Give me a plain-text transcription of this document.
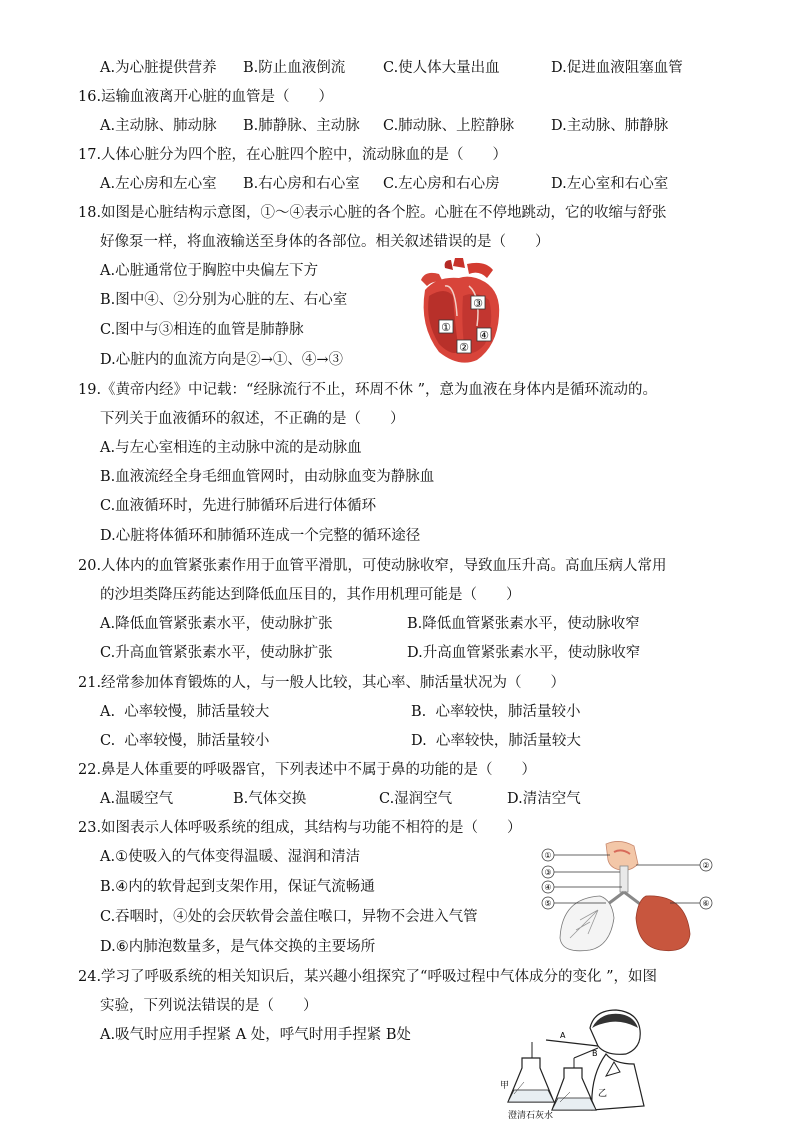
A.为心脏提供营养 B.防止血液倒流	C.使人体大量出血	D.促进血液阻塞血管
16.运输血液离开心脏的血管是（　　）
A.主动脉、肺动脉 B.肺静脉、主动脉 C.肺动脉、上腔静脉	D.主动脉、肺静脉
17.人体心脏分为四个腔，在心脏四个腔中，流动脉血的是（　　）
A.左心房和左心室 B.右心房和右心室 C.左心房和右心房	D.左心室和右心室
18.如图是心脏结构示意图，①～④表示心脏的各个腔。心脏在不停地跳动，它的收缩与舒张
好像泵一样，将血液输送至身体的各部位。相关叙述错误的是（　　）
A.心脏通常位于胸腔中央偏左下方
B.图中④、②分别为心脏的左、右心室
C.图中与③相连的血管是肺静脉
D.心脏内的血流方向是②→①、④→③
③
①
④
②
19.《黄帝内经》中记载：“经脉流行不止，环周不休 ”，意为血液在身体内是循环流动的。
下列关于血液循环的叙述，不正确的是（　　）
A.与左心室相连的主动脉中流的是动脉血
B.血液流经全身毛细血管网时，由动脉血变为静脉血
C.血液循环时，先进行肺循环后进行体循环
D.心脏将体循环和肺循环连成一个完整的循环途径
20.人体内的血管紧张素作用于血管平滑肌，可使动脉收窄，导致血压升高。高血压病人常用
的沙坦类降压药能达到降低血压目的，其作用机理可能是（　　）
A.降低血管紧张素水平，使动脉扩张	B.降低血管紧张素水平，使动脉收窄
C.升高血管紧张素水平，使动脉扩张	D.升高血管紧张素水平，使动脉收窄
21.经常参加体育锻炼的人，与一般人比较，其心率、肺活量状况为（　　）
A.  心率较慢，肺活量较大	B.  心率较快，肺活量较小
C.  心率较慢，肺活量较小	D.  心率较快，肺活量较大
22.鼻是人体重要的呼吸器官，下列表述中不属于鼻的功能的是（　　）
A.温暖空气	B.气体交换	C.湿润空气	D.清洁空气
23.如图表示人体呼吸系统的组成，其结构与功能不相符的是（　　）
A.①使吸入的气体变得温暖、湿润和清洁
B.④内的软骨起到支架作用，保证气流畅通
C.吞咽时，④处的会厌软骨会盖住喉口，异物不会进入气管
D.⑥内肺泡数量多，是气体交换的主要场所
①
③
④
⑤
②
⑥
24.学习了呼吸系统的相关知识后，某兴趣小组探究了“呼吸过程中气体成分的变化 ”，如图
实验，下列说法错误的是（　　）
A.吸气时应用手捏紧 A 处，呼气时用手捏紧 B处	A
B
甲
乙
澄清石灰水
